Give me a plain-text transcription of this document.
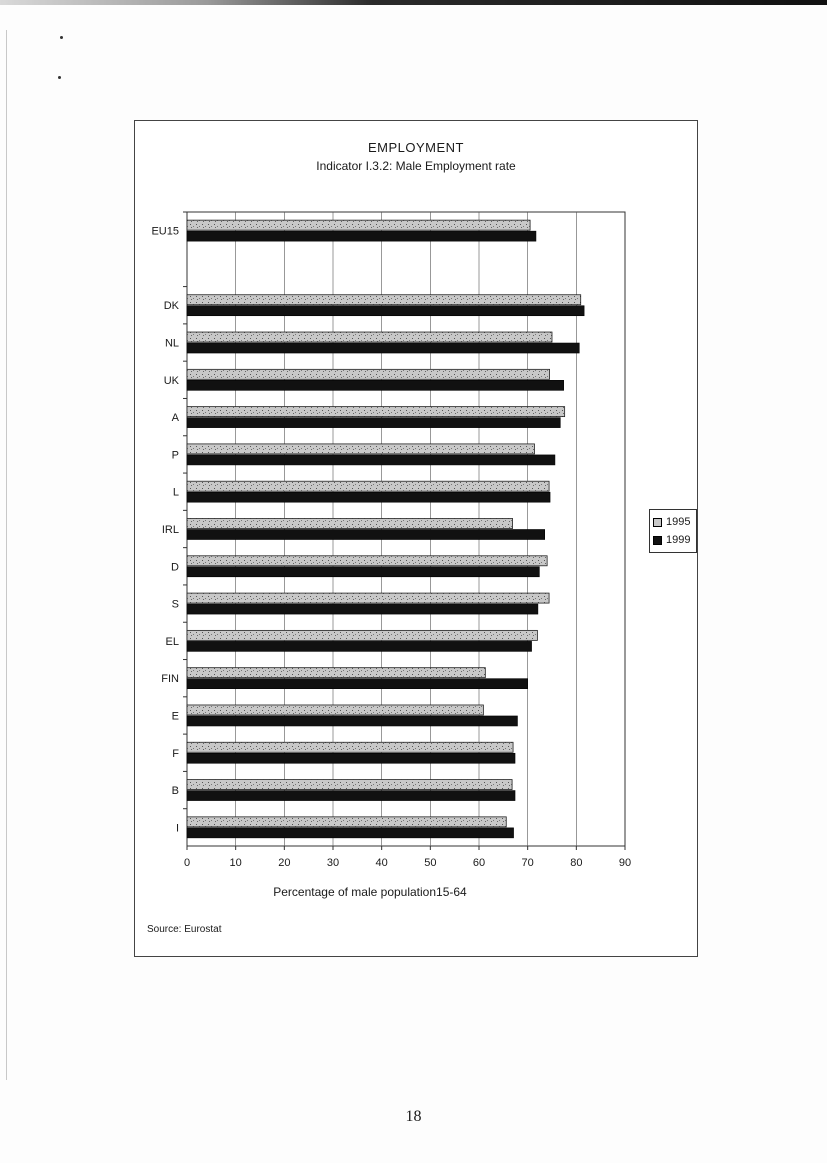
EMPLOYMENT
Indicator I.3.2: Male Employment rate
0	10	20	30	40	50	60	70	80	90
EU15
DK
NL
UK
A
P
L
IRL
D
S
EL
FIN
E
F
B
I
1995
1999
Percentage of male population15-64
Source: Eurostat
18
